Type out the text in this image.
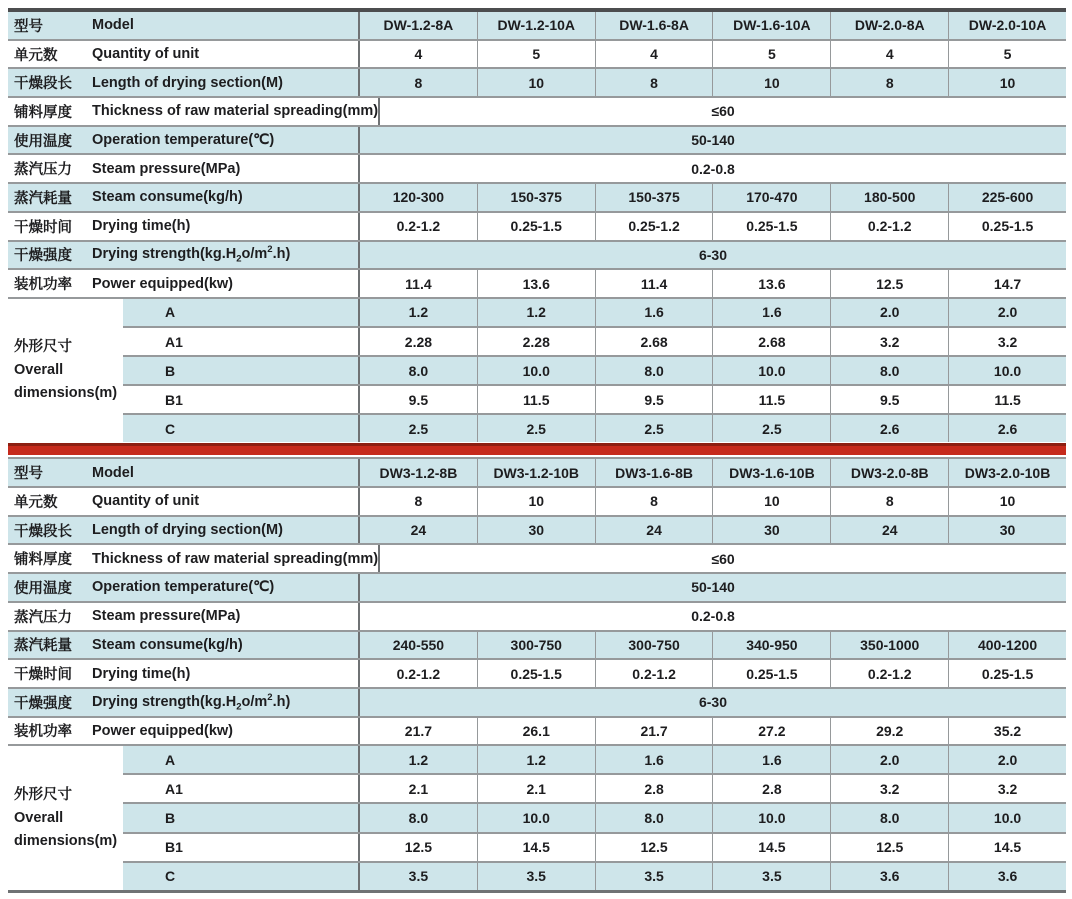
型号	Model	DW-1.2-8A	DW-1.2-10A	DW-1.6-8A	DW-1.6-10A	DW-2.0-8A	DW-2.0-10A
单元数	Quantity of unit	4	5	4	5	4	5
干燥段长	Length of drying section(M)	8	10	8	10	8	10
铺料厚度	Thickness of raw material spreading(mm)	≤60
使用温度	Operation temperature(℃)	50-140
蒸汽压力	Steam pressure(MPa)	0.2-0.8
蒸汽耗量	Steam consume(kg/h)	120-300	150-375	150-375	170-470	180-500	225-600
干燥时间	Drying time(h)	0.2-1.2	0.25-1.5	0.25-1.2	0.25-1.5	0.2-1.2	0.25-1.5
干燥强度	Drying $strength(kg.H_2o/m^2.h)$	6-30
装机功率	Power equipped(kw)	11.4	13.6	11.4	13.6	12.5	14.7
外形尺寸
Overall
dimensions(m)
A	1.2	1.2	1.6	1.6	2.0	2.0
A1	2.28	2.28	2.68	2.68	3.2	3.2
B	8.0	10.0	8.0	10.0	8.0	10.0
B1	9.5	11.5	9.5	11.5	9.5	11.5
C	2.5	2.5	2.5	2.5	2.6	2.6
型号	Model	DW3-1.2-8B	DW3-1.2-10B	DW3-1.6-8B	DW3-1.6-10B	DW3-2.0-8B	DW3-2.0-10B
单元数	Quantity of unit	8	10	8	10	8	10
干燥段长	Length of drying section(M)	24	30	24	30	24	30
铺料厚度	Thickness of raw material spreading(mm)	≤60
使用温度	Operation temperature(℃)	50-140
蒸汽压力	Steam pressure(MPa)	0.2-0.8
蒸汽耗量	Steam consume(kg/h)	240-550	300-750	300-750	340-950	350-1000	400-1200
干燥时间	Drying time(h)	0.2-1.2	0.25-1.5	0.2-1.2	0.25-1.5	0.2-1.2	0.25-1.5
干燥强度	Drying $strength(kg.H_2o/m^2.h)$	6-30
装机功率	Power equipped(kw)	21.7	26.1	21.7	27.2	29.2	35.2
外形尺寸
Overall
dimensions(m)
A	1.2	1.2	1.6	1.6	2.0	2.0
A1	2.1	2.1	2.8	2.8	3.2	3.2
B	8.0	10.0	8.0	10.0	8.0	10.0
B1	12.5	14.5	12.5	14.5	12.5	14.5
C	3.5	3.5	3.5	3.5	3.6	3.6
